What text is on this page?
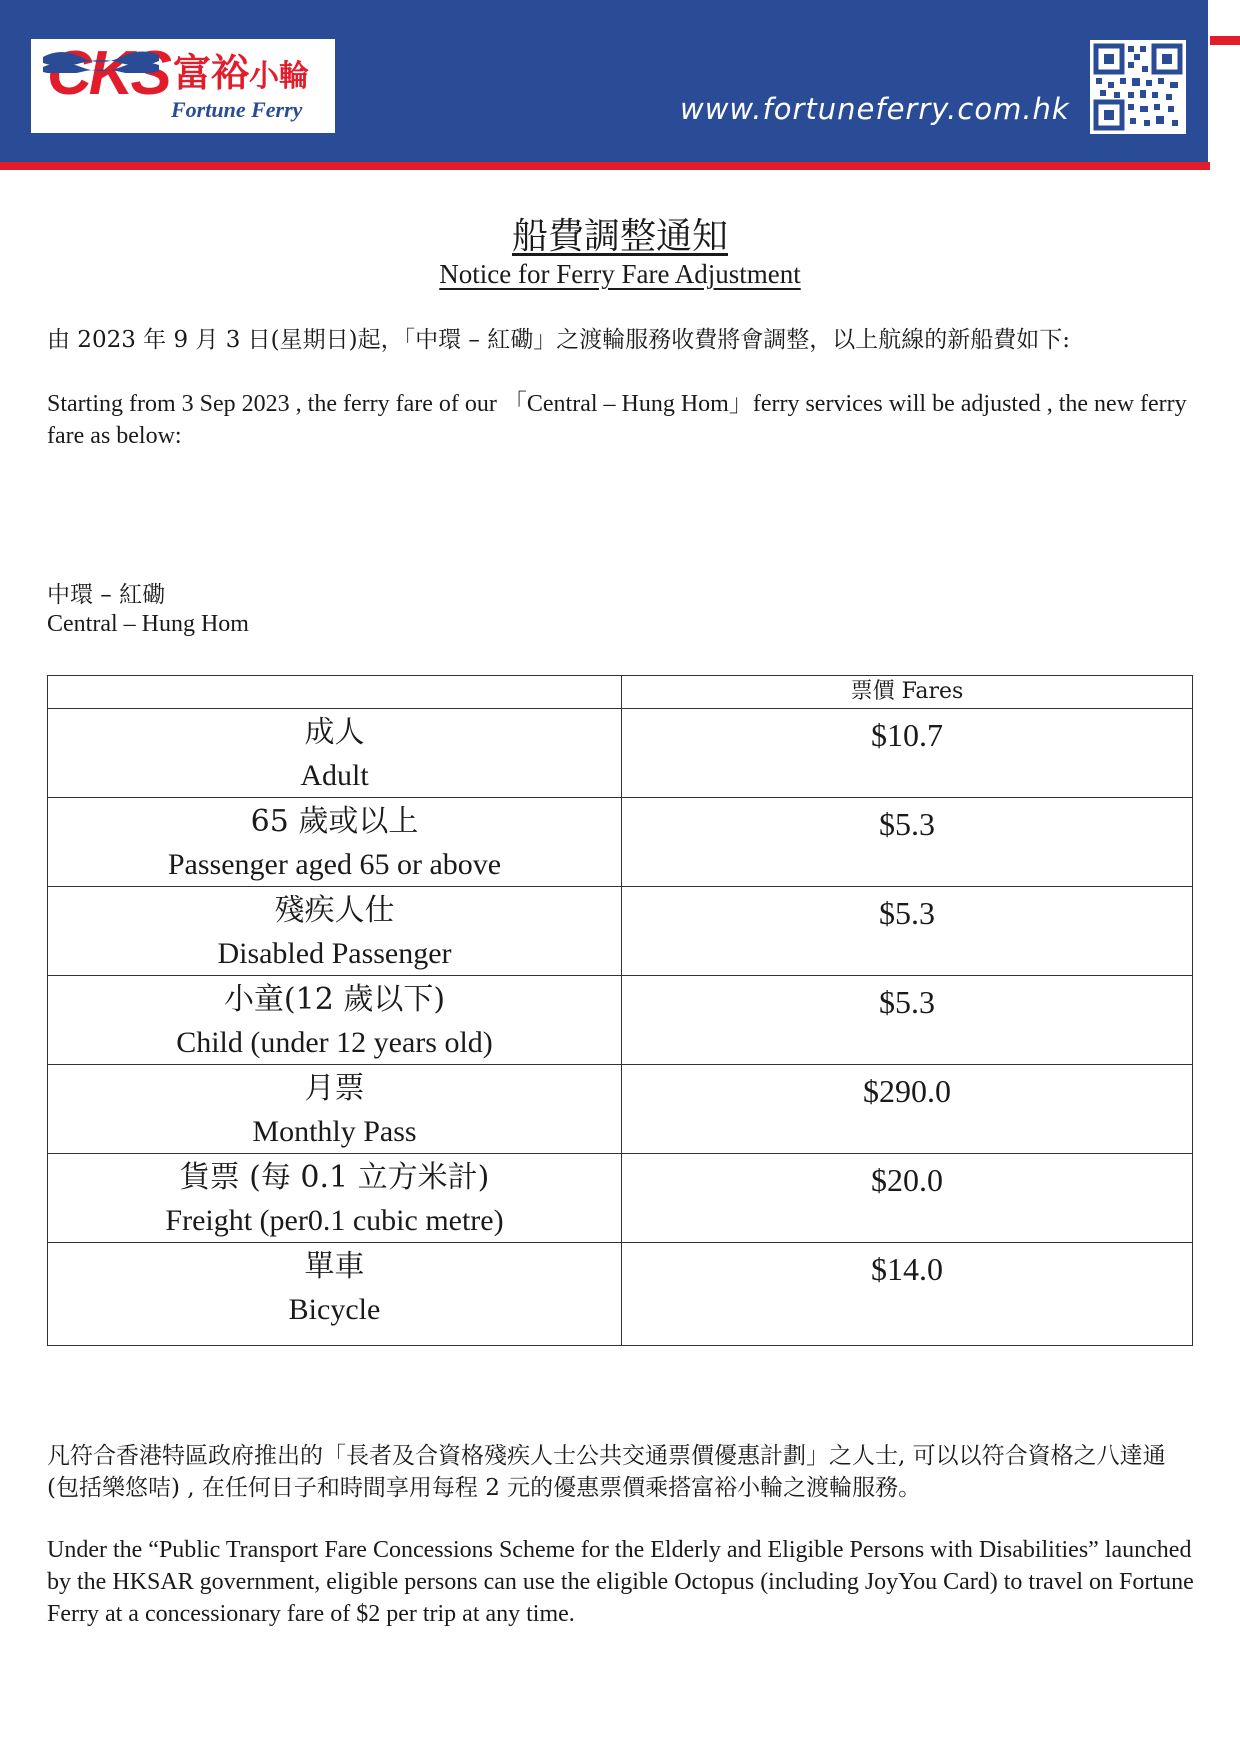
CKS 富裕小輪
Fortune Ferry	www.fortuneferry.com.hk
船費調整通知
Notice for Ferry Fare Adjustment
由 2023 年 9 月 3 日(星期日)起，「中環 – 紅磡」之渡輪服務收費將會調整，以上航線的新船費如下:
Starting from 3 Sep 2023 , the ferry fare of our 「Central – Hung Hom」ferry services will be adjusted , the new ferry fare as below:
中環 – 紅磡
Central – Hung Hom
	票價 Fares

成人
Adult	$10.7

65 歲或以上
Passenger aged 65 or above	$5.3

殘疾人仕
Disabled Passenger	$5.3

小童(12 歲以下)
Child (under 12 years old)	$5.3

月票
Monthly Pass	$290.0

貨票 (每 0.1 立方米計)
Freight (per0.1 cubic metre)	$20.0

單車
Bicycle	$14.0
凡符合香港特區政府推出的「長者及合資格殘疾人士公共交通票價優惠計劃」之人士, 可以以符合資格之八達通(包括樂悠咭) , 在任何日子和時間享用每程 2 元的優惠票價乘搭富裕小輪之渡輪服務。
Under the “Public Transport Fare Concessions Scheme for the Elderly and Eligible Persons with Disabilities” launched by the HKSAR government, eligible persons can use the eligible Octopus (including JoyYou Card) to travel on Fortune Ferry at a concessionary fare of $2 per trip at any time.
